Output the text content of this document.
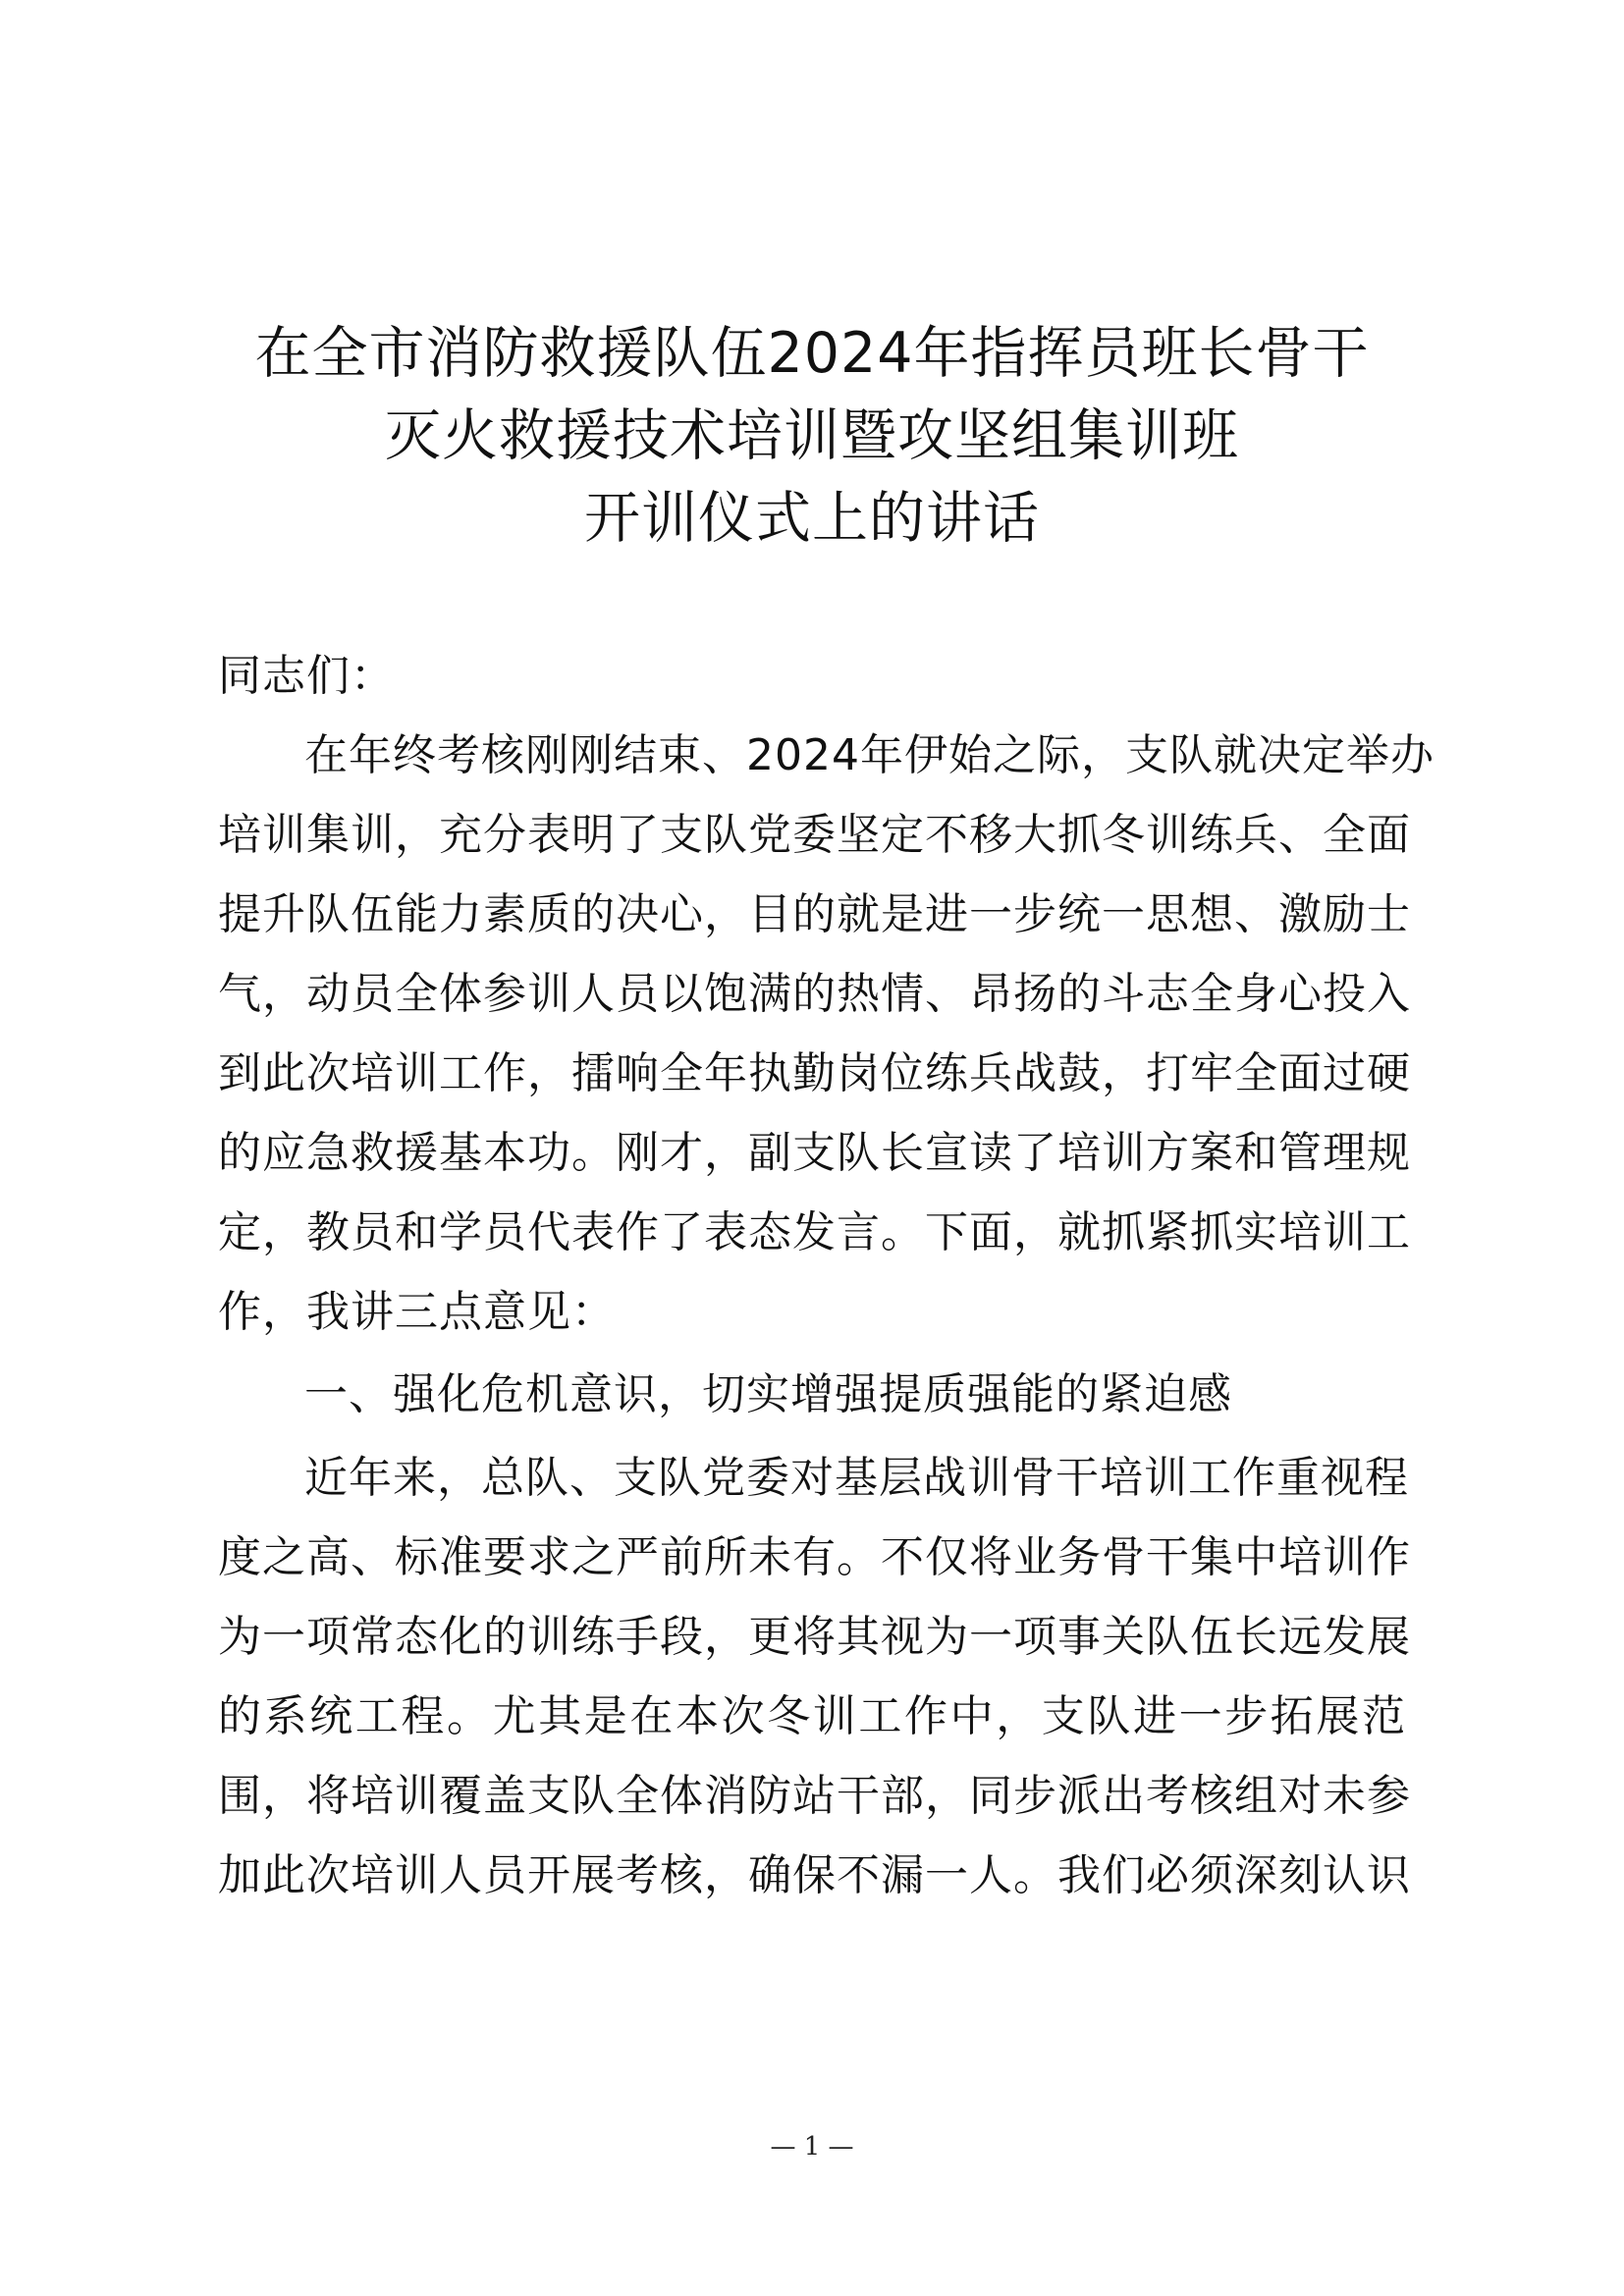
在全市消防救援队伍2024年指挥员班长骨干
灭火救援技术培训暨攻坚组集训班
开训仪式上的讲话
同志们：
在年终考核刚刚结束、2024年伊始之际，支队就决定举办
培训集训，充分表明了支队党委坚定不移大抓冬训练兵、全面
提升队伍能力素质的决心，目的就是进一步统一思想、激励士
气，动员全体参训人员以饱满的热情、昂扬的斗志全身心投入
到此次培训工作，擂响全年执勤岗位练兵战鼓，打牢全面过硬
的应急救援基本功。刚才，副支队长宣读了培训方案和管理规
定，教员和学员代表作了表态发言。下面，就抓紧抓实培训工
作，我讲三点意见：
一、强化危机意识，切实增强提质强能的紧迫感
近年来，总队、支队党委对基层战训骨干培训工作重视程
度之高、标准要求之严前所未有。不仅将业务骨干集中培训作
为一项常态化的训练手段，更将其视为一项事关队伍长远发展
的系统工程。尤其是在本次冬训工作中，支队进一步拓展范
围，将培训覆盖支队全体消防站干部，同步派出考核组对未参
加此次培训人员开展考核，确保不漏一人。我们必须深刻认识
— 1 —
